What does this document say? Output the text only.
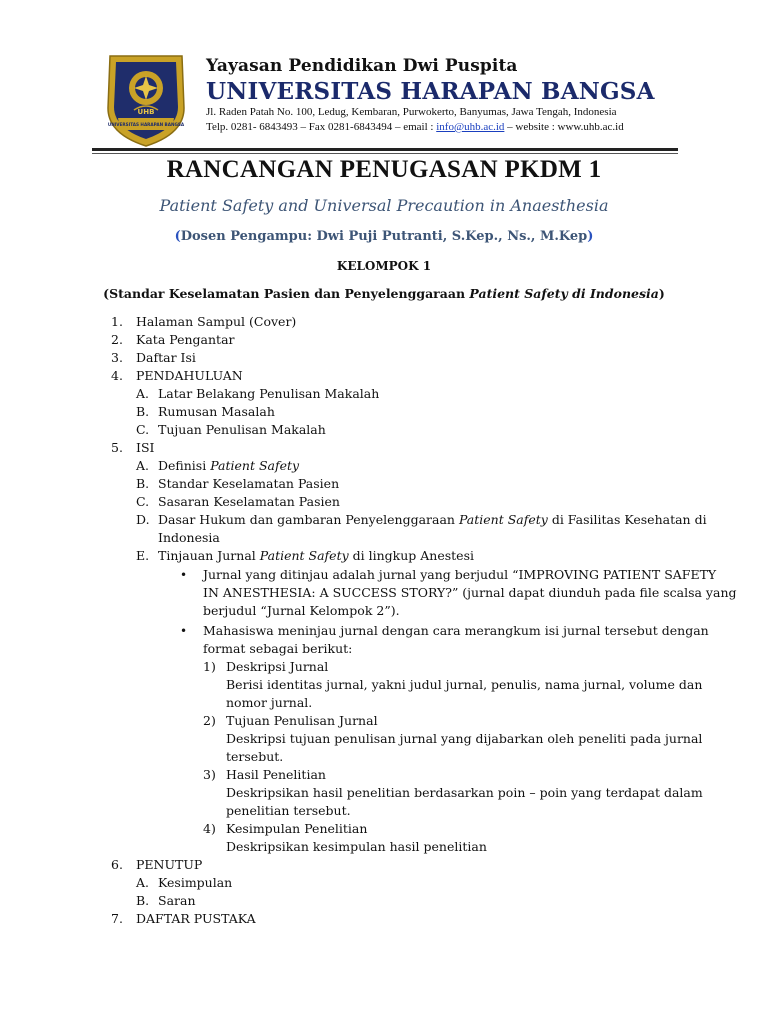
UHB
UNIVERSITAS HARAPAN BANGSA
Yayasan Pendidikan Dwi Puspita
UNIVERSITAS HARAPAN BANGSA
Jl. Raden Patah No. 100, Ledug, Kembaran, Purwokerto, Banyumas, Jawa Tengah, Indonesia
Telp. 0281- 6843493 – Fax 0281-6843494 – email : info@uhb.ac.id – website : www.uhb.ac.id
RANCANGAN PENUGASAN PKDM 1
Patient Safety and Universal Precaution in Anaesthesia
(Dosen Pengampu: Dwi Puji Putranti, S.Kep., Ns., M.Kep)
KELOMPOK 1
(Standar Keselamatan Pasien dan Penyelenggaraan Patient Safety di Indonesia)
1. Halaman Sampul (Cover)
2. Kata Pengantar
3. Daftar Isi
4. PENDAHULUAN
A. Latar Belakang Penulisan Makalah
B. Rumusan Masalah
C. Tujuan Penulisan Makalah
5. ISI
A. Definisi Patient Safety
B. Standar Keselamatan Pasien
C. Sasaran Keselamatan Pasien
D. Dasar Hukum dan gambaran Penyelenggaraan Patient Safety di Fasilitas Kesehatan di
Indonesia
E. Tinjauan Jurnal Patient Safety di lingkup Anestesi
• Jurnal yang ditinjau adalah jurnal yang berjudul “IMPROVING PATIENT SAFETY
IN ANESTHESIA: A SUCCESS STORY?” (jurnal dapat diunduh pada file scalsa yang
berjudul “Jurnal Kelompok 2”).
• Mahasiswa meninjau jurnal dengan cara merangkum isi jurnal tersebut dengan
format sebagai berikut:
1) Deskripsi Jurnal
Berisi identitas jurnal, yakni judul jurnal, penulis, nama jurnal, volume dan
nomor jurnal.
2) Tujuan Penulisan Jurnal
Deskripsi tujuan penulisan jurnal yang dijabarkan oleh peneliti pada jurnal
tersebut.
3) Hasil Penelitian
Deskripsikan hasil penelitian berdasarkan poin – poin yang terdapat dalam
penelitian tersebut.
4) Kesimpulan Penelitian
Deskripsikan kesimpulan hasil penelitian
6. PENUTUP
A. Kesimpulan
B. Saran
7. DAFTAR PUSTAKA
